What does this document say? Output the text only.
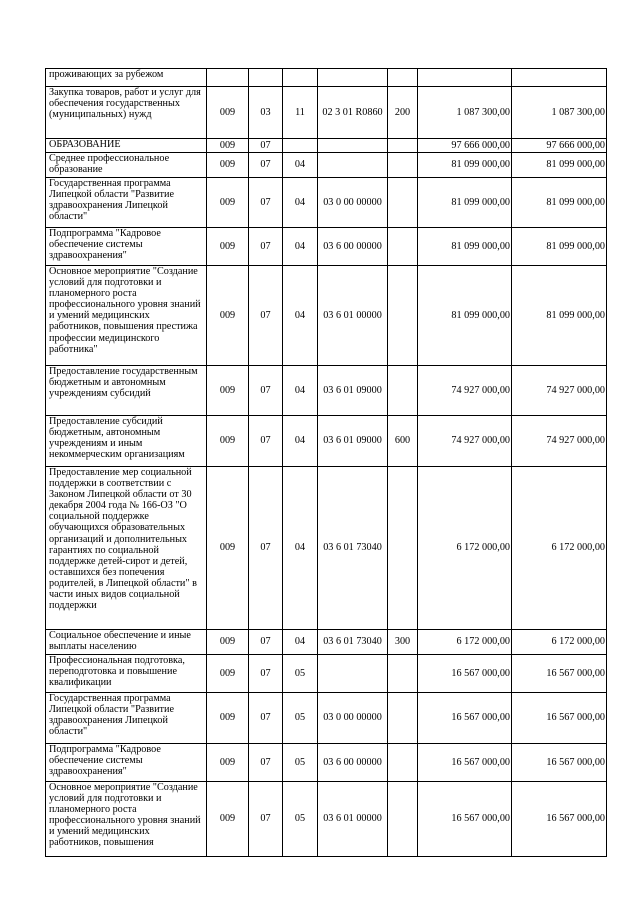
проживающих за рубежом							
Закупка товаров, работ и услуг для обеспечения государственных (муниципальных) нужд	009	03	11	02 3 01 R0860	200	1 087 300,00	1 087 300,00
ОБРАЗОВАНИЕ	009	07				97 666 000,00	97 666 000,00
Среднее профессиональное образование	009	07	04			81 099 000,00	81 099 000,00
Государственная программа Липецкой области "Развитие здравоохранения Липецкой области"	009	07	04	03 0 00 00000		81 099 000,00	81 099 000,00
Подпрограмма "Кадровое обеспечение системы здравоохранения"	009	07	04	03 6 00 00000		81 099 000,00	81 099 000,00
Основное мероприятие "Создание условий для подготовки и планомерного роста профессионального уровня знаний и умений медицинских работников, повышения престижа профессии медицинского работника"	009	07	04	03 6 01 00000		81 099 000,00	81 099 000,00
Предоставление государственным бюджетным и автономным учреждениям субсидий	009	07	04	03 6 01 09000		74 927 000,00	74 927 000,00
Предоставление субсидий бюджетным, автономным учреждениям и иным некоммерческим организациям	009	07	04	03 6 01 09000	600	74 927 000,00	74 927 000,00
Предоставление мер социальной поддержки в соответствии с Законом Липецкой области от 30 декабря 2004 года № 166-ОЗ "О социальной поддержке обучающихся образовательных организаций и дополнительных гарантиях по социальной поддержке детей-сирот и детей, оставшихся без попечения родителей, в Липецкой области" в части иных видов социальной поддержки	009	07	04	03 6 01 73040		6 172 000,00	6 172 000,00
Социальное обеспечение и иные выплаты населению	009	07	04	03 6 01 73040	300	6 172 000,00	6 172 000,00
Профессиональная подготовка, переподготовка и повышение квалификации	009	07	05			16 567 000,00	16 567 000,00
Государственная программа Липецкой области "Развитие здравоохранения Липецкой области"	009	07	05	03 0 00 00000		16 567 000,00	16 567 000,00
Подпрограмма "Кадровое обеспечение системы здравоохранения"	009	07	05	03 6 00 00000		16 567 000,00	16 567 000,00
Основное мероприятие "Создание условий для подготовки и планомерного роста профессионального уровня знаний и умений медицинских работников, повышения	009	07	05	03 6 01 00000		16 567 000,00	16 567 000,00
